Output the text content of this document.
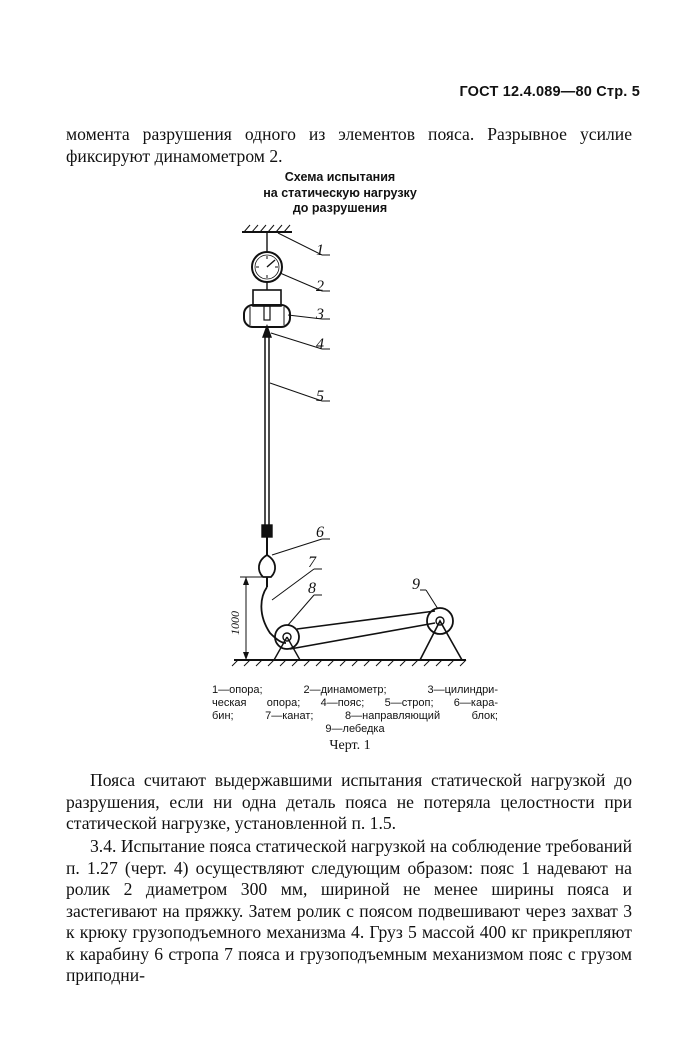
ГОСТ 12.4.089—80 Стр. 5
момента разрушения одного из элементов пояса. Разрывное усилие фиксируют динамометром 2.
Схема испытания
на статическую нагрузку
до разрушения
1000
1
2
3
4
5
6
7
8	9

1—опора; 2—динамометр; 3—цилиндри-

ческая опора; 4—пояс; 5—строп; 6—кара-

бин; 7—канат; 8—направляющий блок;

9—лебедка

Черт. 1
Пояса считают выдержавшими испытания статической нагрузкой до разрушения, если ни одна деталь пояса не потеряла целостности при статической нагрузке, установленной п. 1.5.
3.4. Испытание пояса статической нагрузкой на соблюдение требований п. 1.27 (черт. 4) осуществляют следующим образом: пояс 1 надевают на ролик 2 диаметром 300 мм, шириной не менее ширины пояса и застегивают на пряжку. Затем ролик с поясом подвешивают через захват 3 к крюку грузоподъемного механизма 4. Груз 5 массой 400 кг прикрепляют к карабину 6 стропа 7 пояса и грузоподъемным механизмом пояс с грузом приподни-
